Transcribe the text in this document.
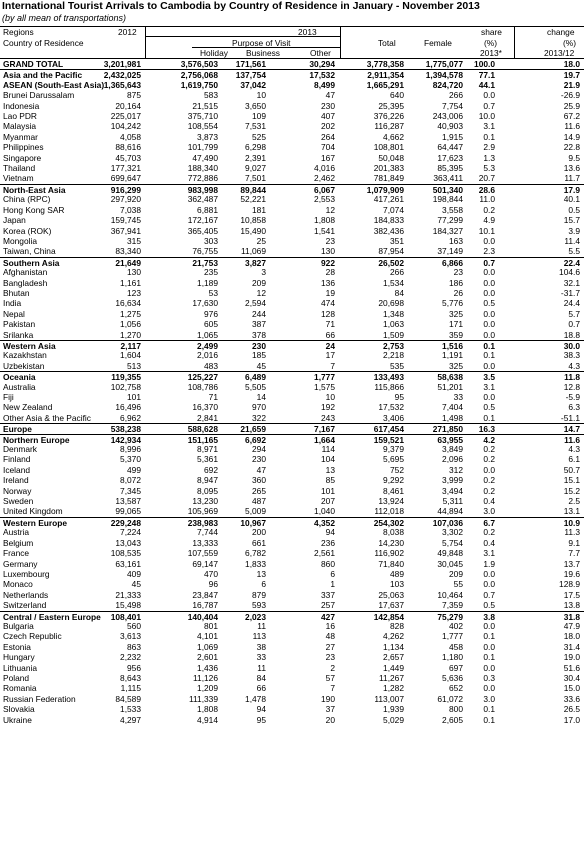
International Tourist Arrivals to Cambodia by Country of Residence in January - November 2013
(by all mean of transportations)
Regions
Country of Residence
2012	2013
Purpose of Visit
Holiday Business	Other
Total	Female
share
(%)
2013*
change
(%)
2013/12
GRAND TOTAL	3,201,981	3,576,503 171,561	30,294	3,778,358	1,775,077 100.0	18.0
Asia and the Pacific	2,432,025	2,756,068 137,754	17,532	2,911,354	1,394,578 77.1	19.7
ASEAN (South-East Asia) 1,365,643	1,619,750	37,042	8,499	1,665,291	824,720 44.1	21.9
Brunei Darussalam	875	583	10	47	640	266 0.0	-26.9
Indonesia	20,164	21,515	3,650	230	25,395	7,754 0.7	25.9
Lao PDR	225,017	375,710	109	407	376,226	243,006 10.0	67.2
Malaysia	104,242	108,554	7,531	202	116,287	40,903 3.1	11.6
Myanmar	4,058	3,873	525	264	4,662	1,915 0.1	14.9
Philippines	88,616	101,799	6,298	704	108,801	64,447 2.9	22.8
Singapore	45,703	47,490	2,391	167	50,048	17,623 1.3	9.5
Thailand	177,321	188,340	9,027	4,016	201,383	85,395 5.3	13.6
Vietnam	699,647	772,886	7,501	2,462	781,849	363,411 20.7	11.7
North-East Asia	916,299	983,998	89,844	6,067	1,079,909	501,340 28.6	17.9
China (RPC)	297,920	362,487	52,221	2,553	417,261	198,844 11.0	40.1
Hong Kong SAR	7,038	6,881	181	12	7,074	3,558 0.2	0.5
Japan	159,745	172,167	10,858	1,808	184,833	77,299 4.9	15.7
Korea (ROK)	367,941	365,405	15,490	1,541	382,436	184,327 10.1	3.9
Mongolia	315	303	25	23	351	163 0.0	11.4
Taiwan, China	83,340	76,755	11,069	130	87,954	37,149 2.3	5.5
Southern Asia	21,649	21,753	3,827	922	26,502	6,866 0.7	22.4
Afghanistan	130	235	3	28	266	23 0.0	104.6
Bangladesh	1,161	1,189	209	136	1,534	186 0.0	32.1
Bhutan	123	53	12	19	84	26 0.0	-31.7
India	16,634	17,630	2,594	474	20,698	5,776 0.5	24.4
Nepal	1,275	976	244	128	1,348	325 0.0	5.7
Pakistan	1,056	605	387	71	1,063	171 0.0	0.7
Srilanka	1,270	1,065	378	66	1,509	359 0.0	18.8
Western Asia	2,117	2,499	230	24	2,753	1,516 0.1	30.0
Kazakhstan	1,604	2,016	185	17	2,218	1,191 0.1	38.3
Uzbekistan	513	483	45	7	535	325 0.0	4.3
Oceania	119,355	125,227	6,489	1,777	133,493	58,638 3.5	11.8
Australia	102,758	108,786	5,505	1,575	115,866	51,201 3.1	12.8
Fiji	101	71	14	10	95	33 0.0	-5.9
New Zealand	16,496	16,370	970	192	17,532	7,404 0.5	6.3
Other Asia & the Pacific	6,962	2,841	322	243	3,406	1,498 0.1	-51.1
Europe	538,238	588,628	21,659	7,167	617,454	271,850 16.3	14.7
Northern Europe	142,934	151,165	6,692	1,664	159,521	63,955 4.2	11.6
Denmark	8,996	8,971	294	114	9,379	3,849 0.2	4.3
Finland	5,370	5,361	230	104	5,695	2,096 0.2	6.1
Iceland	499	692	47	13	752	312 0.0	50.7
Ireland	8,072	8,947	360	85	9,292	3,999 0.2	15.1
Norway	7,345	8,095	265	101	8,461	3,494 0.2	15.2
Sweden	13,587	13,230	487	207	13,924	5,311 0.4	2.5
United Kingdom	99,065	105,969	5,009	1,040	112,018	44,894 3.0	13.1
Western Europe	229,248	238,983	10,967	4,352	254,302	107,036 6.7	10.9
Austria	7,224	7,744	200	94	8,038	3,302 0.2	11.3
Belgium	13,043	13,333	661	236	14,230	5,754 0.4	9.1
France	108,535	107,559	6,782	2,561	116,902	49,848 3.1	7.7
Germany	63,161	69,147	1,833	860	71,840	30,045 1.9	13.7
Luxembourg	409	470	13	6	489	209 0.0	19.6
Monaco	45	96	6	1	103	55 0.0	128.9
Netherlands	21,333	23,847	879	337	25,063	10,464 0.7	17.5
Switzerland	15,498	16,787	593	257	17,637	7,359 0.5	13.8
Central / Eastern Europe 108,401	140,404	2,023	427	142,854	75,279 3.8	31.8
Bulgaria	560	801	11	16	828	402 0.0	47.9
Czech Republic	3,613	4,101	113	48	4,262	1,777 0.1	18.0
Estonia	863	1,069	38	27	1,134	458 0.0	31.4
Hungary	2,232	2,601	33	23	2,657	1,180 0.1	19.0
Lithuania	956	1,436	11	2	1,449	697 0.0	51.6
Poland	8,643	11,126	84	57	11,267	5,636 0.3	30.4
Romania	1,115	1,209	66	7	1,282	652 0.0	15.0
Russian Federation	84,589	111,339	1,478	190	113,007	61,072 3.0	33.6
Slovakia	1,533	1,808	94	37	1,939	800 0.1	26.5
Ukraine	4,297	4,914	95	20	5,029	2,605 0.1	17.0
